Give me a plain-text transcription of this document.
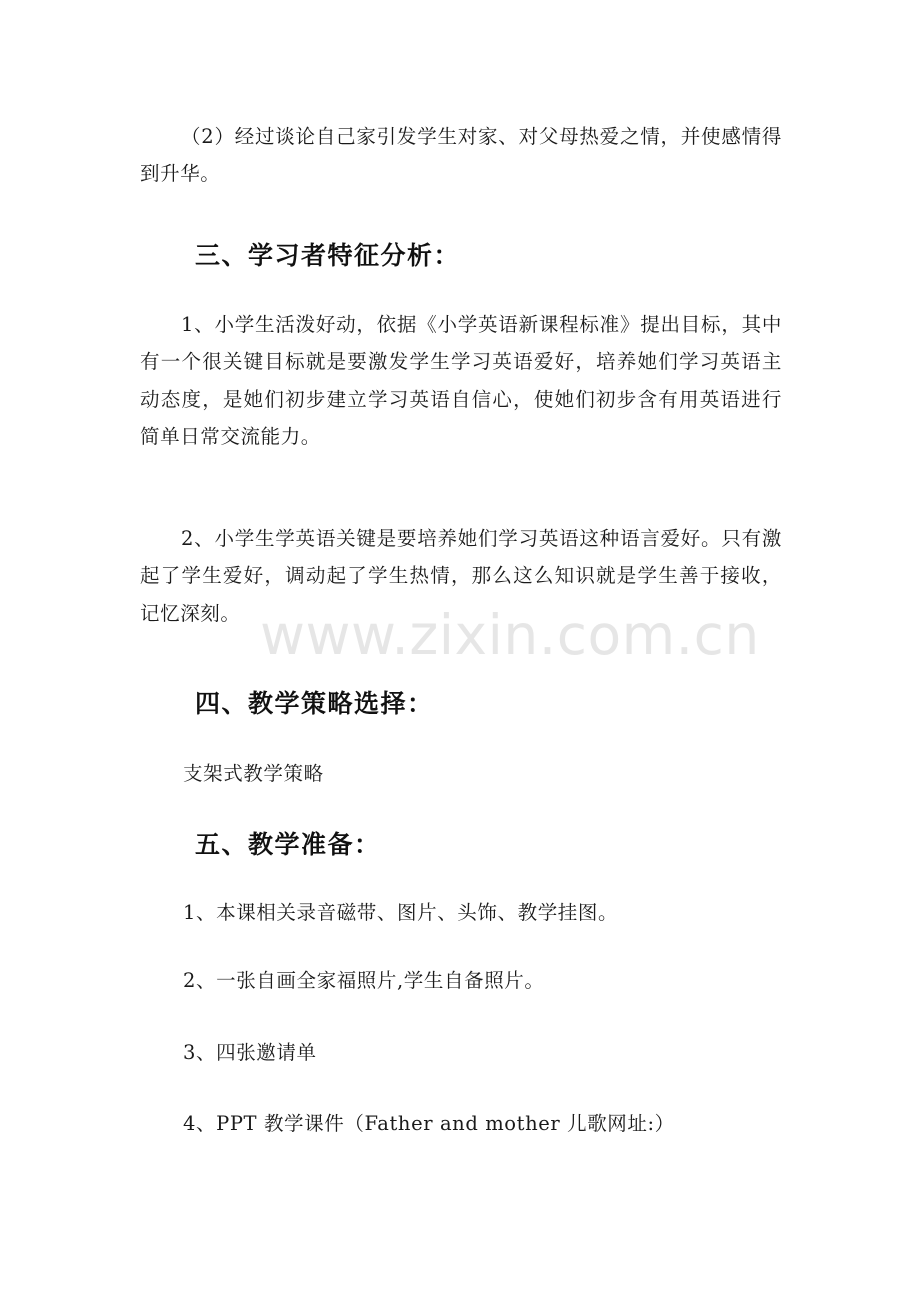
（2）经过谈论自己家引发学生对家、对父母热爱之情，并使感情得到升华。

三、学习者特征分析：

1、小学生活泼好动，依据《小学英语新课程标准》提出目标，其中有一个很关键目标就是要激发学生学习英语爱好，培养她们学习英语主动态度，是她们初步建立学习英语自信心，使她们初步含有用英语进行简单日常交流能力。

2、小学生学英语关键是要培养她们学习英语这种语言爱好。只有激起了学生爱好，调动起了学生热情，那么这么知识就是学生善于接收，记忆深刻。

四、教学策略选择：

支架式教学策略

五、教学准备：

1、本课相关录音磁带、图片、头饰、教学挂图。

2、一张自画全家福照片,学生自备照片。

3、四张邀请单

4、PPT 教学课件（Father and mother 儿歌网址:）

www.zixin.com.cn
